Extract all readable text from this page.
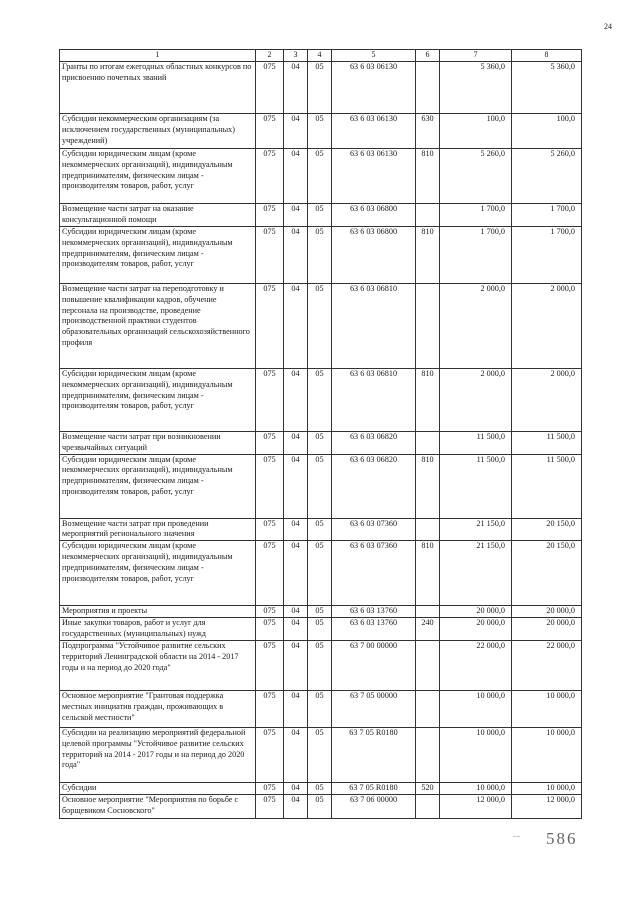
24
1	2	3	4	5	6	7	8
Гранты по итогам ежегодных областных конкурсов по присвоению почетных званий	075	04	05	63 6 03 06130		5 360,0	5 360,0
Субсидии некоммерческим организациям (за исключением государственных (муниципальных) учреждений)	075	04	05	63 6 03 06130	630	100,0	100,0
Субсидии юридическим лицам (кроме некоммерческих организаций), индивидуальным предпринимателям, физическим лицам - производителям товаров, работ, услуг	075	04	05	63 6 03 06130	810	5 260,0	5 260,0
Возмещение части затрат на оказание консультационной помощи	075	04	05	63 6 03 06800		1 700,0	1 700,0
Субсидии юридическим лицам (кроме некоммерческих организаций), индивидуальным предпринимателям, физическим лицам - производителям товаров, работ, услуг	075	04	05	63 6 03 06800	810	1 700,0	1 700,0
Возмещение части затрат на переподготовку и повышение квалификации кадров, обучение персонала на производстве, проведение производственной практики студентов образовательных организаций сельскохозяйственного профиля	075	04	05	63 6 03 06810		2 000,0	2 000,0
Субсидии юридическим лицам (кроме некоммерческих организаций), индивидуальным предпринимателям, физическим лицам - производителям товаров, работ, услуг	075	04	05	63 6 03 06810	810	2 000,0	2 000,0
Возмещение части затрат при возникновении чрезвычайных ситуаций	075	04	05	63 6 03 06820		11 500,0	11 500,0
Субсидии юридическим лицам (кроме некоммерческих организаций), индивидуальным предпринимателям, физическим лицам - производителям товаров, работ, услуг	075	04	05	63 6 03 06820	810	11 500,0	11 500,0
Возмещение части затрат при проведении мероприятий регионального значения	075	04	05	63 6 03 07360		21 150,0	20 150,0
Субсидии юридическим лицам (кроме некоммерческих организаций), индивидуальным предпринимателям, физическим лицам - производителям товаров, работ, услуг	075	04	05	63 6 03 07360	810	21 150,0	20 150,0
Мероприятия и проекты	075	04	05	63 6 03 13760		20 000,0	20 000,0
Иные закупки товаров, работ и услуг для государственных (муниципальных) нужд	075	04	05	63 6 03 13760	240	20 000,0	20 000,0
Подпрограмма "Устойчивое развитие сельских территорий Ленинградской области на 2014 - 2017 годы и на период до 2020 года"	075	04	05	63 7 00 00000		22 000,0	22 000,0
Основное мероприятие "Грантовая поддержка местных инициатив граждан, проживающих в сельской местности"	075	04	05	63 7 05 00000		10 000,0	10 000,0
Субсидии на реализацию мероприятий федеральной целевой программы "Устойчивое развитие сельских территорий на 2014 - 2017 годы и на период до 2020 года"	075	04	05	63 7 05 R0180		10 000,0	10 000,0
Субсидии	075	04	05	63 7 05 R0180	520	10 000,0	10 000,0
Основное мероприятие "Мероприятия по борьбе с борщевиком Сосновского"	075	04	05	63 7 06 00000		12 000,0	12 000,0
--- 586
